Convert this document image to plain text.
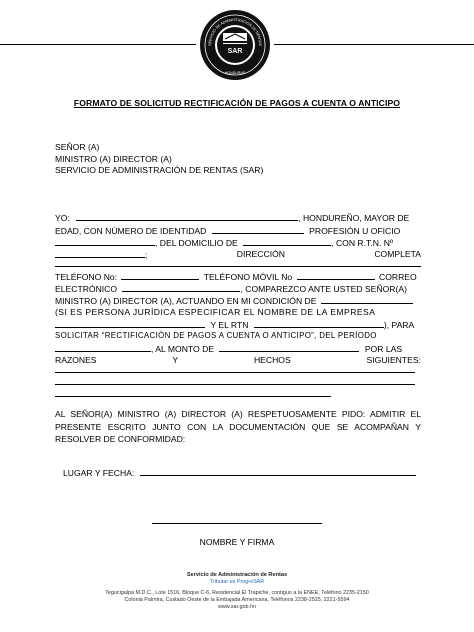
SAR
SERVICIO DE ADMINISTRACIÓN DE RENTAS
HONDURAS
FORMATO DE SOLICITUD RECTIFICACIÓN DE PAGOS A CUENTA O ANTICIPO
SEÑOR (A)
MINISTRO (A) DIRECTOR (A)
SERVICIO DE ADMINISTRACIÓN DE RENTAS (SAR)
YO:	, HONDUREÑO, MAYOR DE
EDAD, CON NÚMERO DE IDENTIDAD	PROFESIÓN U OFICIO
, DEL DOMICILIO DE	, CON R.T.N. Nº
;	DIRECCIÓN	COMPLETA
TELÉFONO No:	TELÉFONO MÓVIL No	CORREO
ELECTRÓNICO	, COMPAREZCO ANTE USTED SEÑOR(A)
MINISTRO (A) DIRECTOR (A), ACTUANDO EN MI CONDICIÓN DE
(SI ES PERSONA JURÍDICA ESPECIFICAR EL NOMBRE DE LA EMPRESA
Y EL RTN	), PARA
SOLICITAR “RECTIFICACIÓN DE PAGOS A CUENTA O ANTICIPO”, DEL PERÍODO
, AL MONTO DE	POR LAS
RAZONES	Y	HECHOS	SIGUIENTES:
AL SEÑOR(A) MINISTRO (A) DIRECTOR (A) RESPETUOSAMENTE PIDO: ADMITIR EL PRESENTE ESCRITO JUNTO CON LA DOCUMENTACIÓN QUE SE ACOMPAÑAN Y RESOLVER DE CONFORMIDAD:
LUGAR Y FECHA:
NOMBRE Y FIRMA
Servicio de Administración de Rentas
Tributar es ProgreSAR
Tegucigalpa M.D.C., Lote 1516, Bloque C-6, Residencial El Trapiche, contiguo a la ENEE, Teléfono 2235-2150
Colonia Palmira, Costado Oeste de la Embajada Americana, Teléfonos 2238-2525, 2221-5594
www.sar.gob.hn
